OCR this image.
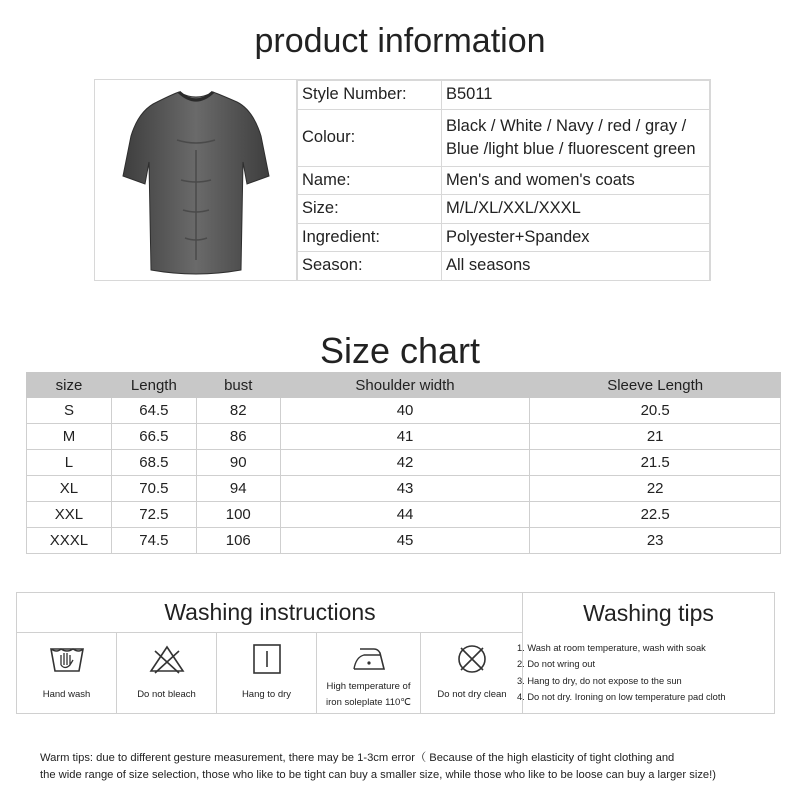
product information
Style Number:	B5011
Colour:	Black / White / Navy / red / gray /
Blue /light blue / fluorescent green

Name:	Men's and women's coats
Size:	M/L/XL/XXL/XXXL
Ingredient:	Polyester+Spandex
Season:	All seasons
Size chart
size	Length	bust	Shoulder width	Sleeve Length
S	64.5	82	40	20.5
M	66.5	86	41	21
L	68.5	90	42	21.5
XL	70.5	94	43	22
XXL	72.5	100	44	22.5
XXXL	74.5	106	45	23
Washing instructions
Hand wash	Do not bleach	Hang to dry
High temperature of
iron soleplate 110℃
Do not dry clean
Washing tips
1. Wash at room temperature, wash with soak
2. Do not wring out
3. Hang to dry, do not expose to the sun
4. Do not dry. Ironing on low temperature pad cloth
Warm tips: due to different gesture measurement, there may be 1-3cm error（ Because of the high elasticity of tight clothing and
the wide range of size selection, those who like to be tight can buy a smaller size, while those who like to be loose can buy a larger size!)
